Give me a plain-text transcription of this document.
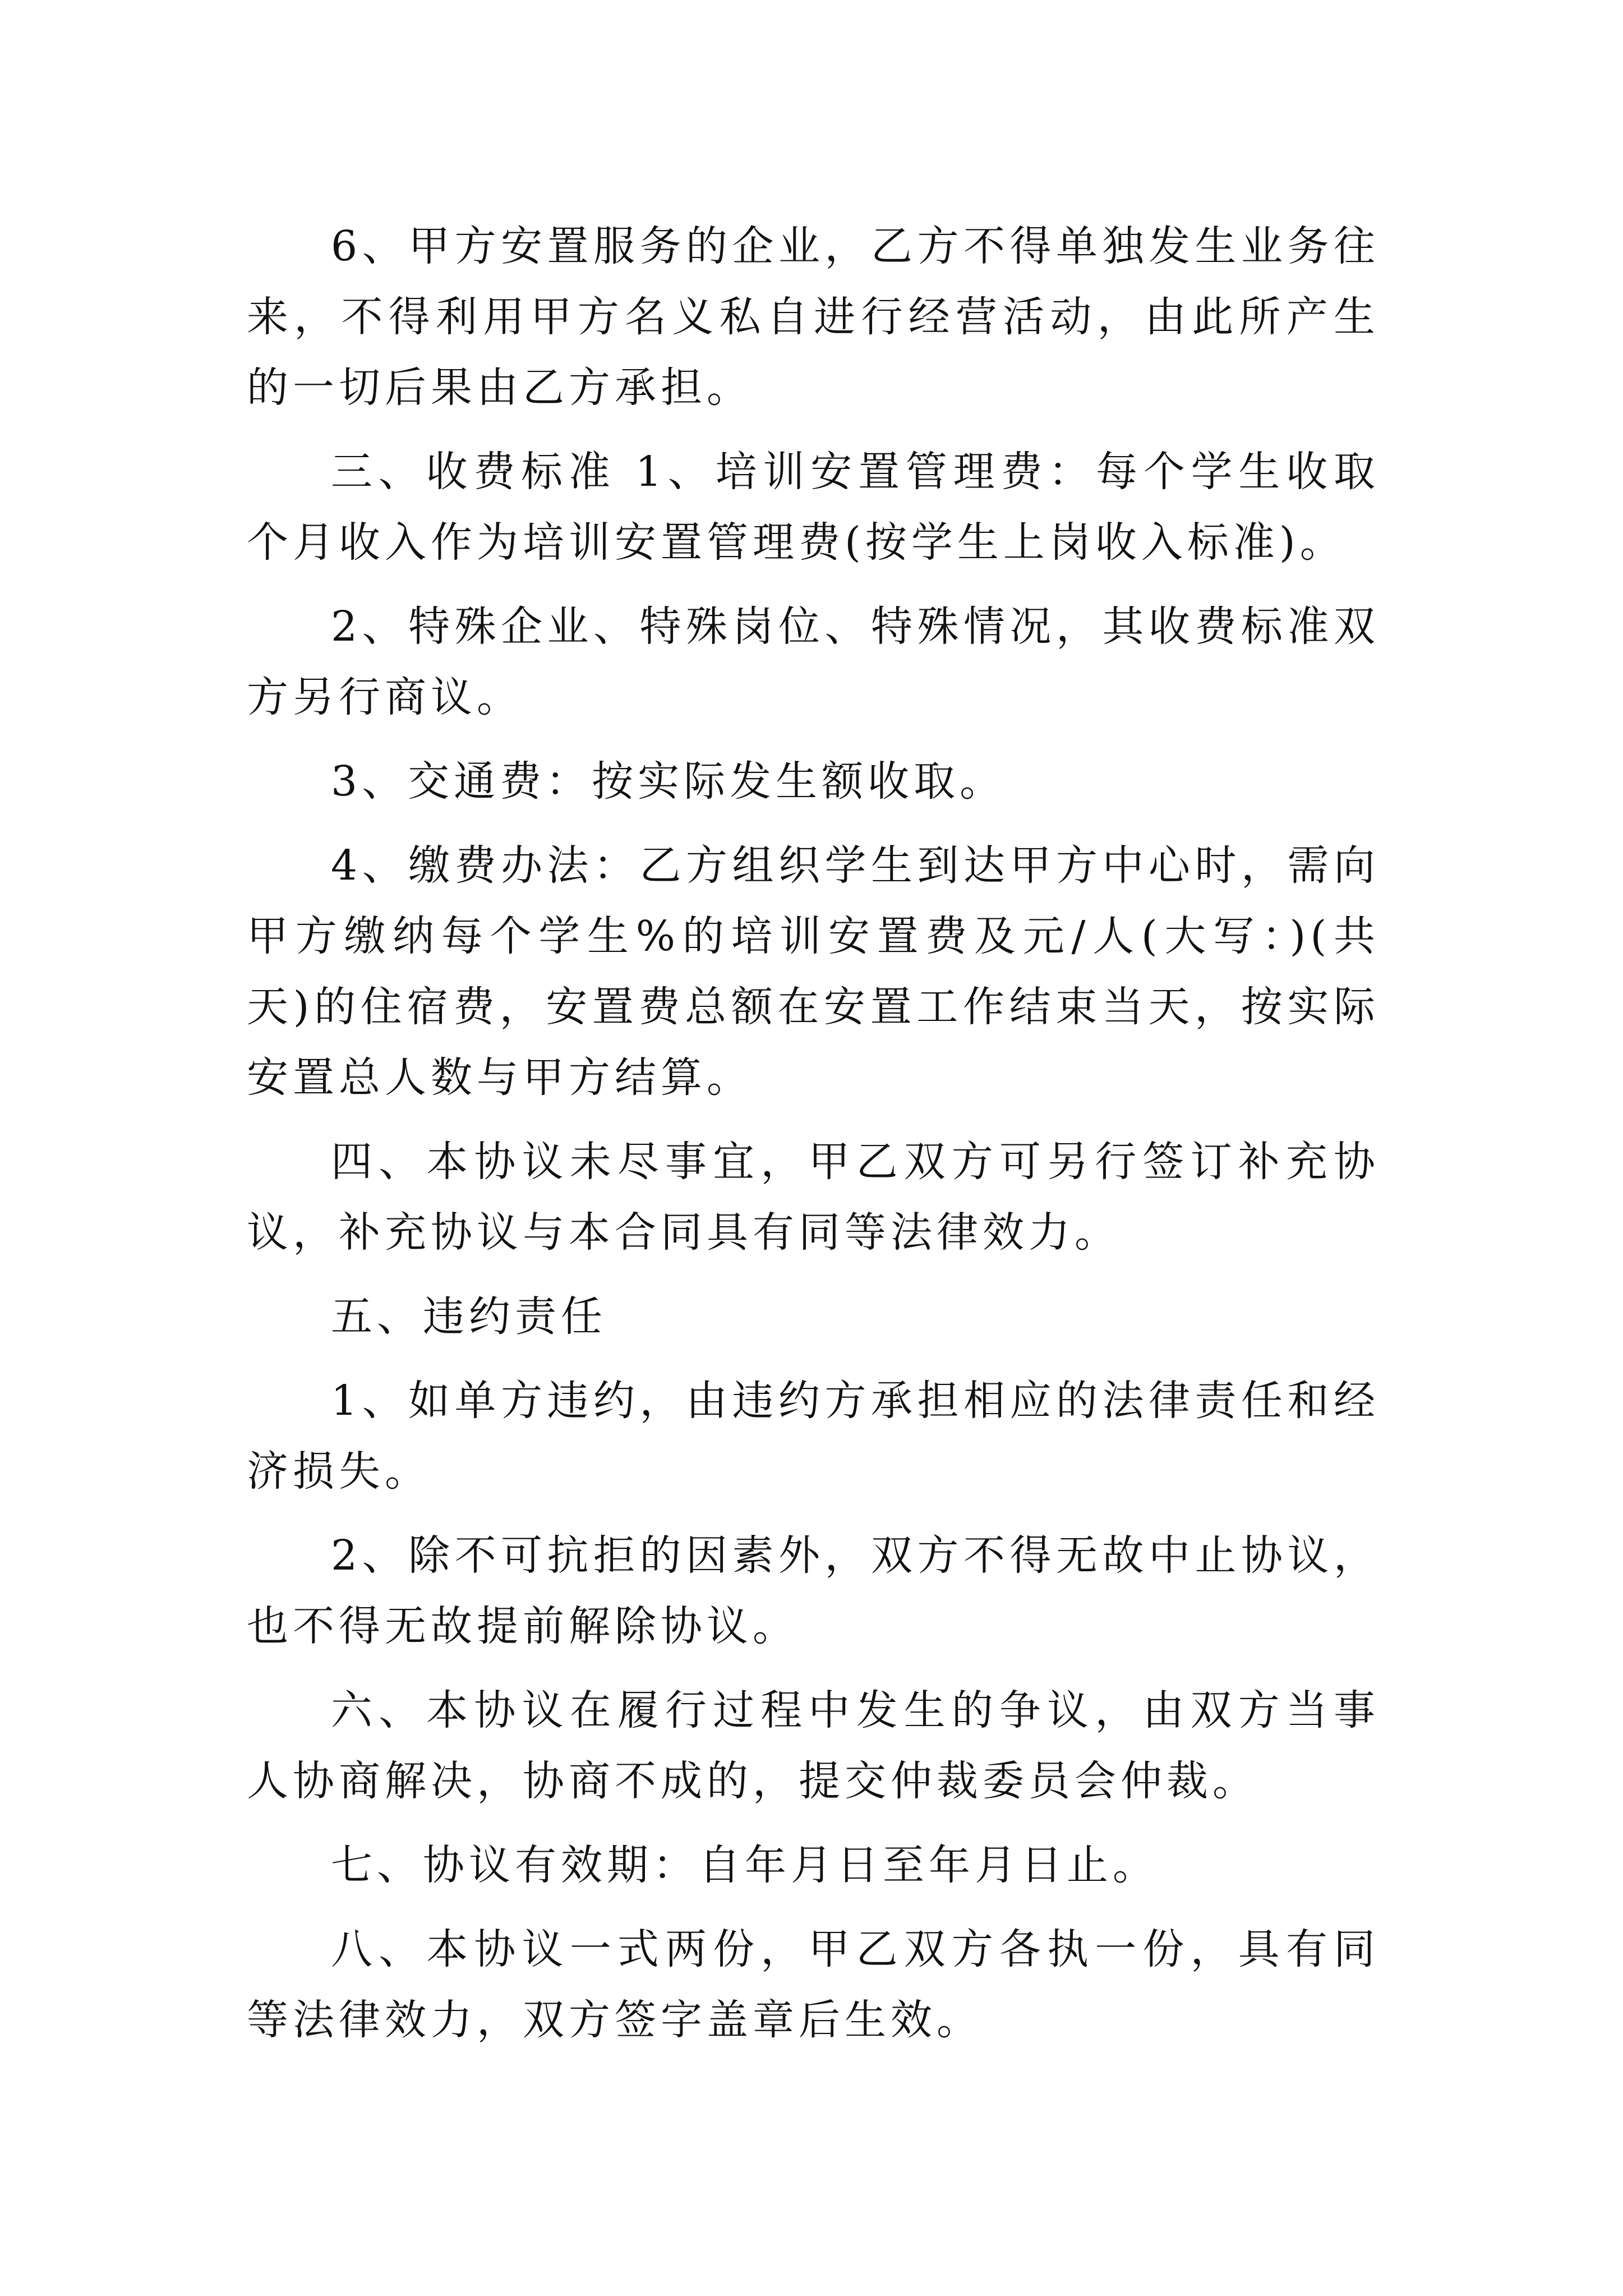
6、甲方安置服务的企业，乙方不得单独发生业务往来，不得利用甲方名义私自进行经营活动，由此所产生的一切后果由乙方承担。

三、收费标准 1、培训安置管理费：每个学生收取个月收入作为培训安置管理费(按学生上岗收入标准)。

2、特殊企业、特殊岗位、特殊情况，其收费标准双方另行商议。

3、交通费：按实际发生额收取。

4、缴费办法：乙方组织学生到达甲方中心时，需向甲方缴纳每个学生%的培训安置费及元/人(大写：)(共天)的住宿费，安置费总额在安置工作结束当天，按实际安置总人数与甲方结算。

四、本协议未尽事宜，甲乙双方可另行签订补充协议，补充协议与本合同具有同等法律效力。

五、违约责任

1、如单方违约，由违约方承担相应的法律责任和经济损失。

2、除不可抗拒的因素外，双方不得无故中止协议，也不得无故提前解除协议。

六、本协议在履行过程中发生的争议，由双方当事人协商解决，协商不成的，提交仲裁委员会仲裁。

七、协议有效期：自年月日至年月日止。

八、本协议一式两份，甲乙双方各执一份，具有同等法律效力，双方签字盖章后生效。
